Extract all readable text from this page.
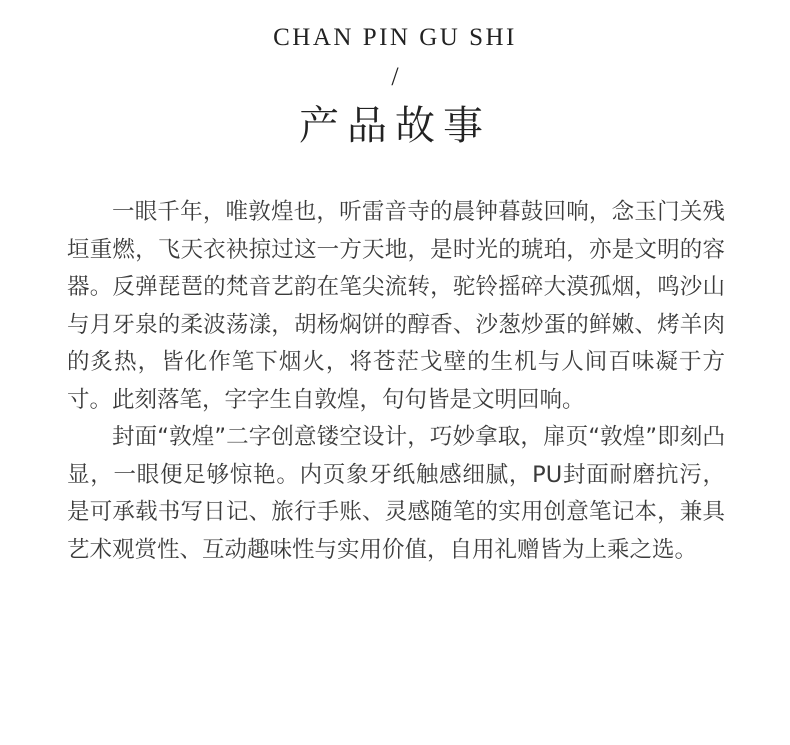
CHAN PIN GU SHI
/
产品故事

一眼千年，唯敦煌也，听雷音寺的晨钟暮鼓回响，念玉门关残垣重燃，飞天衣袂掠过这一方天地，是时光的琥珀，亦是文明的容器。反弹琵琶的梵音艺韵在笔尖流转，驼铃摇碎大漠孤烟，鸣沙山与月牙泉的柔波荡漾，胡杨焖饼的醇香、沙葱炒蛋的鲜嫩、烤羊肉的炙热，皆化作笔下烟火，将苍茫戈壁的生机与人间百味凝于方寸。此刻落笔，字字生自敦煌，句句皆是文明回响。

封面“敦煌”二字创意镂空设计，巧妙拿取，扉页“敦煌”即刻凸显，一眼便足够惊艳。内页象牙纸触感细腻，PU封面耐磨抗污，是可承载书写日记、旅行手账、灵感随笔的实用创意笔记本，兼具艺术观赏性、互动趣味性与实用价值，自用礼赠皆为上乘之选。
